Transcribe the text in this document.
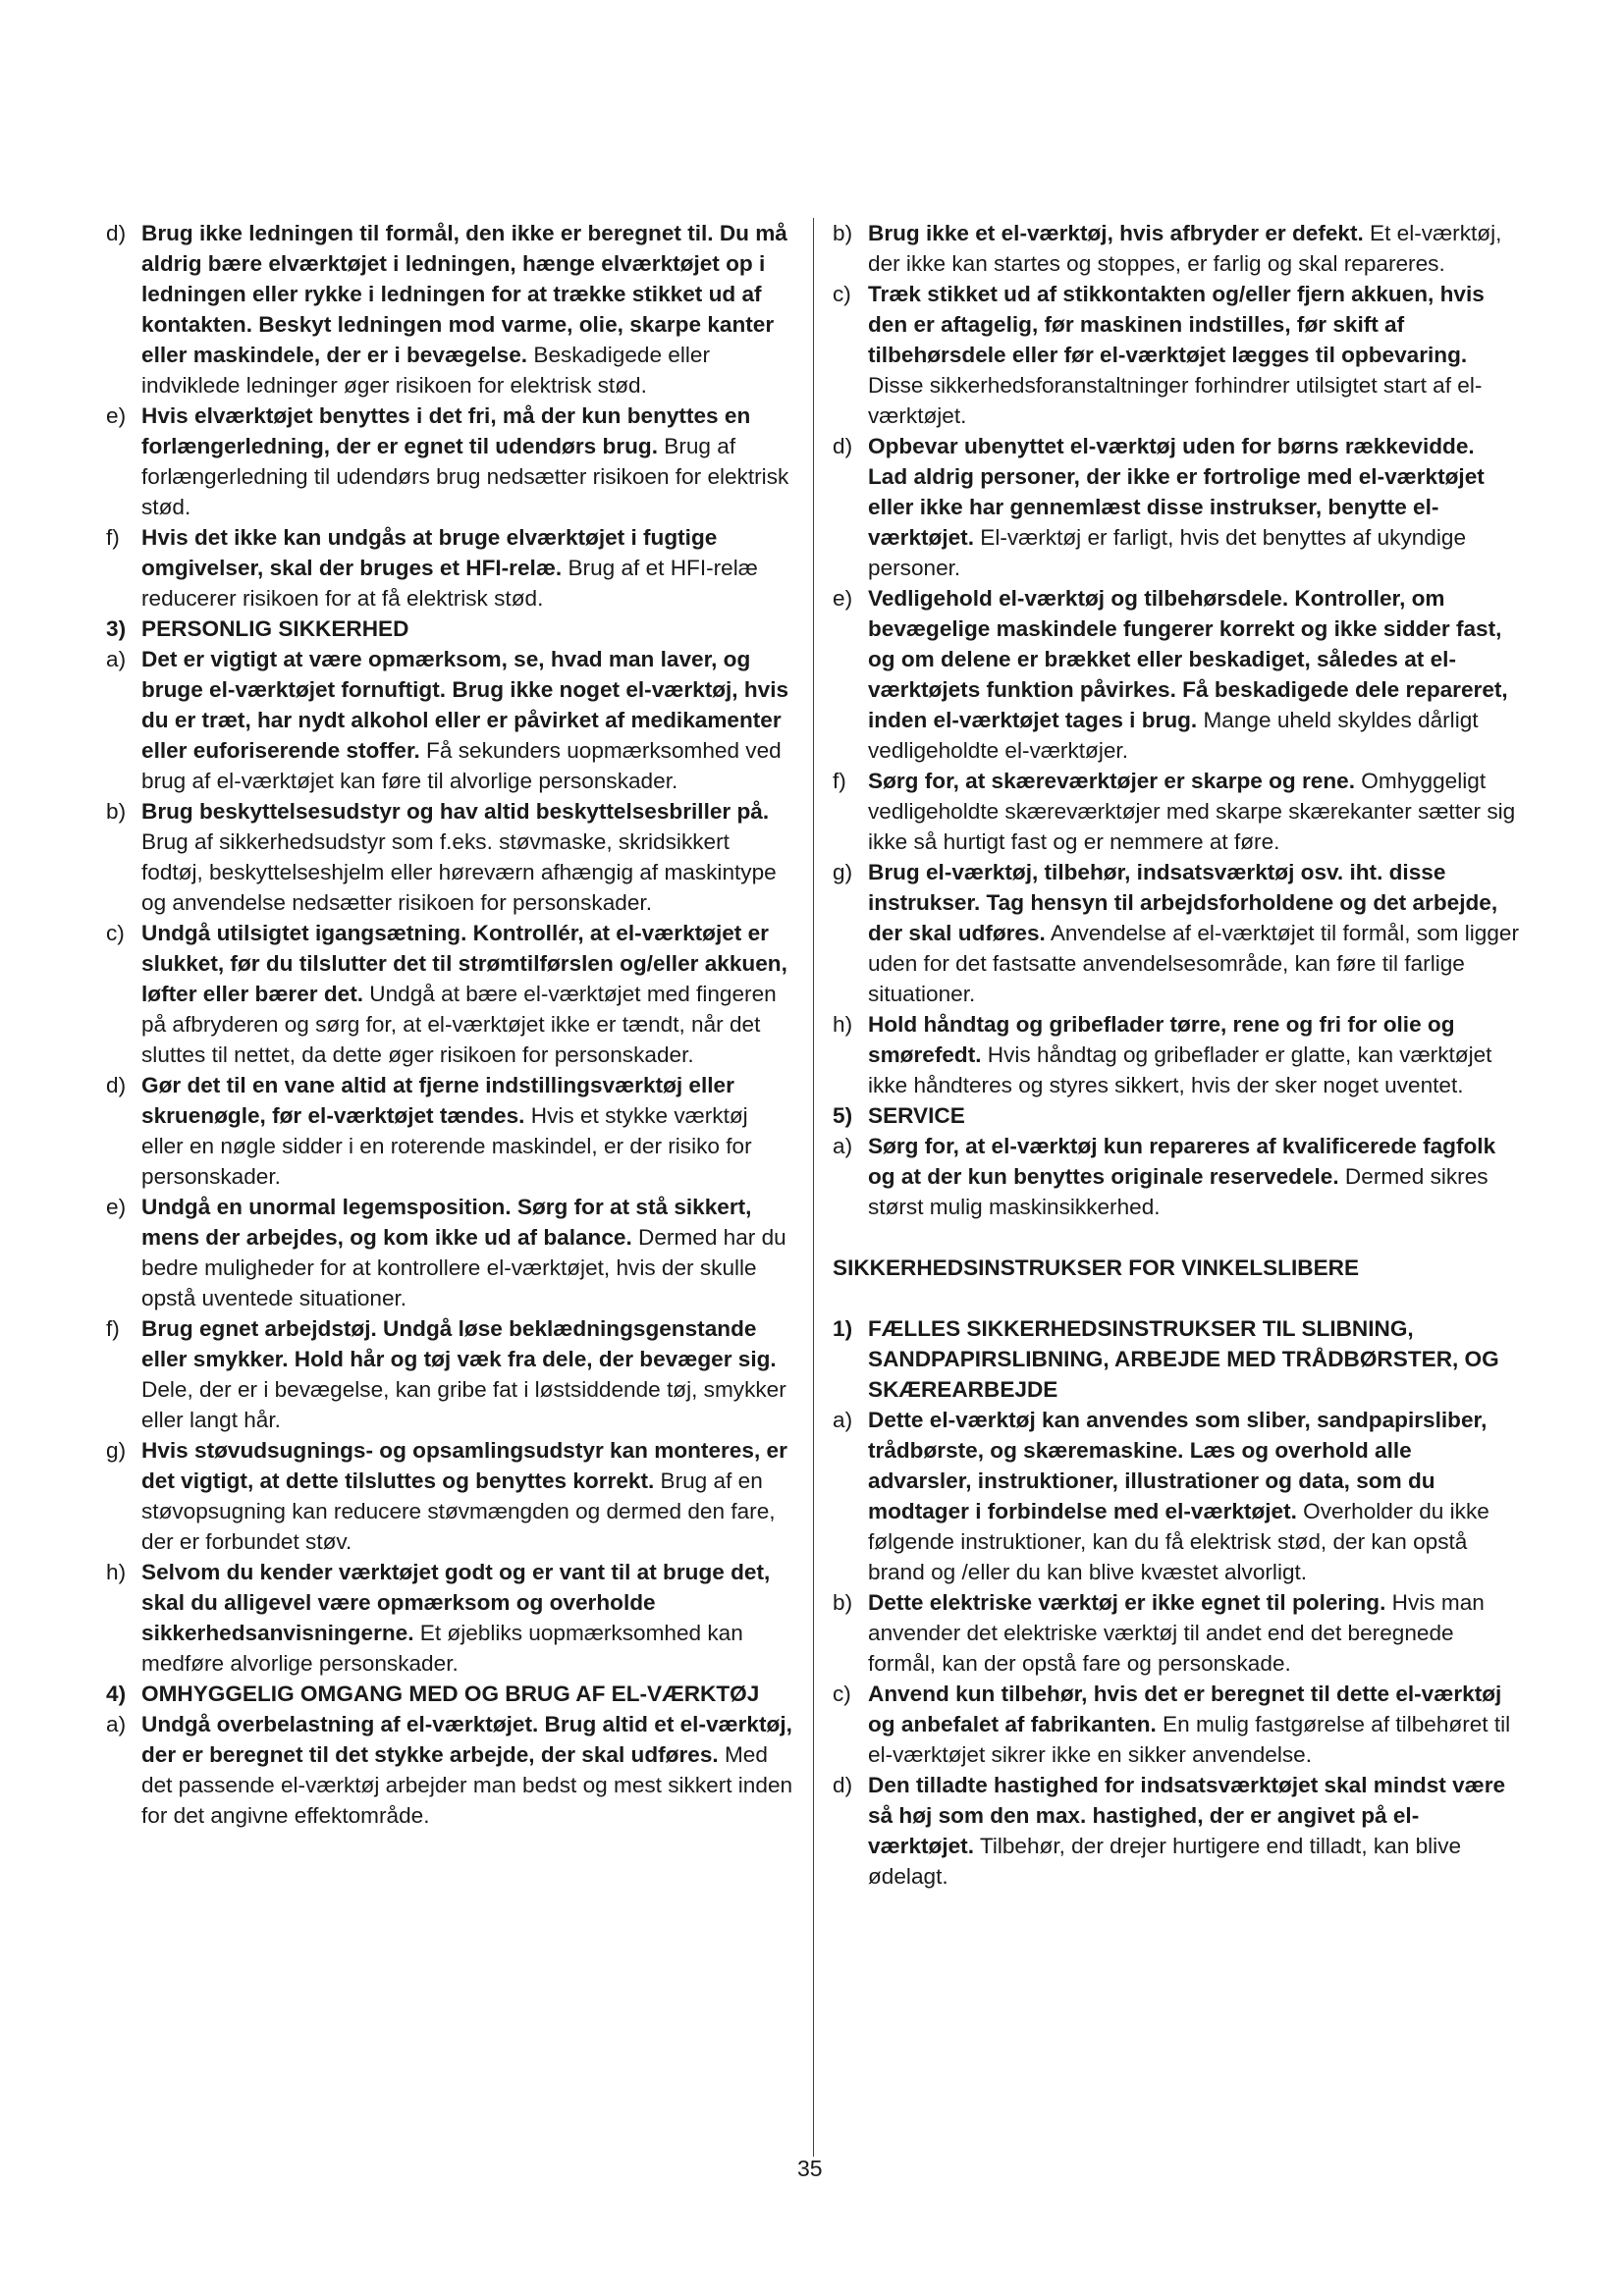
d) Brug ikke ledningen til formål, den ikke er beregnet til. Du må aldrig bære elværktøjet i ledningen, hænge elværktøjet op i ledningen eller rykke i ledningen for at trække stikket ud af kontakten. Beskyt ledningen mod varme, olie, skarpe kanter eller maskindele, der er i bevægelse. Beskadigede eller indviklede ledninger øger risikoen for elektrisk stød.
e) Hvis elværktøjet benyttes i det fri, må der kun benyttes en forlængerledning, der er egnet til udendørs brug. Brug af forlængerledning til udendørs brug nedsætter risikoen for elektrisk stød.
f) Hvis det ikke kan undgås at bruge elværktøjet i fugtige omgivelser, skal der bruges et HFI-relæ. Brug af et HFI-relæ reducerer risikoen for at få elektrisk stød.
3) PERSONLIG SIKKERHED
a) Det er vigtigt at være opmærksom, se, hvad man laver, og bruge el-værktøjet fornuftigt. Brug ikke noget el-værktøj, hvis du er træt, har nydt alkohol eller er påvirket af medikamenter eller euforiserende stoffer. Få sekunders uopmærksomhed ved brug af el-værktøjet kan føre til alvorlige personskader.
b) Brug beskyttelsesudstyr og hav altid beskyttelsesbriller på. Brug af sikkerhedsudstyr som f.eks. støvmaske, skridsikkert fodtøj, beskyttelseshjelm eller høreværn afhængig af maskintype og anvendelse nedsætter risikoen for personskader.
c) Undgå utilsigtet igangsætning. Kontrollér, at el-værktøjet er slukket, før du tilslutter det til strømtilførslen og/eller akkuen, løfter eller bærer det. Undgå at bære el-værktøjet med fingeren på afbryderen og sørg for, at el-værktøjet ikke er tændt, når det sluttes til nettet, da dette øger risikoen for personskader.
d) Gør det til en vane altid at fjerne indstillingsværktøj eller skruenøgle, før el-værktøjet tændes. Hvis et stykke værktøj eller en nøgle sidder i en roterende maskindel, er der risiko for personskader.
e) Undgå en unormal legemsposition. Sørg for at stå sikkert, mens der arbejdes, og kom ikke ud af balance. Dermed har du bedre muligheder for at kontrollere el-værktøjet, hvis der skulle opstå uventede situationer.
f) Brug egnet arbejdstøj. Undgå løse beklædningsgenstande eller smykker. Hold hår og tøj væk fra dele, der bevæger sig. Dele, der er i bevægelse, kan gribe fat i løstsiddende tøj, smykker eller langt hår.
g) Hvis støvudsugnings- og opsamlingsudstyr kan monteres, er det vigtigt, at dette tilsluttes og benyttes korrekt. Brug af en støvopsugning kan reducere støvmængden og dermed den fare, der er forbundet støv.
h) Selvom du kender værktøjet godt og er vant til at bruge det, skal du alligevel være opmærksom og overholde sikkerhedsanvisningerne. Et øjebliks uopmærksomhed kan medføre alvorlige personskader.
4) OMHYGGELIG OMGANG MED OG BRUG AF EL-VÆRKTØJ
a) Undgå overbelastning af el-værktøjet. Brug altid et el-værktøj, der er beregnet til det stykke arbejde, der skal udføres. Med det passende el-værktøj arbejder man bedst og mest sikkert inden for det angivne effektområde.
b) Brug ikke et el-værktøj, hvis afbryder er defekt. Et el-værktøj, der ikke kan startes og stoppes, er farlig og skal repareres.
c) Træk stikket ud af stikkontakten og/eller fjern akkuen, hvis den er aftagelig, før maskinen indstilles, før skift af tilbehørsdele eller før el-værktøjet lægges til opbevaring. Disse sikkerhedsforanstaltninger forhindrer utilsigtet start af el-værktøjet.
d) Opbevar ubenyttet el-værktøj uden for børns rækkevidde. Lad aldrig personer, der ikke er fortrolige med el-værktøjet eller ikke har gennemlæst disse instrukser, benytte el-værktøjet. El-værktøj er farligt, hvis det benyttes af ukyndige personer.
e) Vedligehold el-værktøj og tilbehørsdele. Kontroller, om bevægelige maskindele fungerer korrekt og ikke sidder fast, og om delene er brækket eller beskadiget, således at el-værktøjets funktion påvirkes. Få beskadigede dele repareret, inden el-værktøjet tages i brug. Mange uheld skyldes dårligt vedligeholdte el-værktøjer.
f) Sørg for, at skæreværktøjer er skarpe og rene. Omhyggeligt vedligeholdte skæreværktøjer med skarpe skærekanter sætter sig ikke så hurtigt fast og er nemmere at føre.
g) Brug el-værktøj, tilbehør, indsatsværktøj osv. iht. disse instrukser. Tag hensyn til arbejdsforholdene og det arbejde, der skal udføres. Anvendelse af el-værktøjet til formål, som ligger uden for det fastsatte anvendelsesområde, kan føre til farlige situationer.
h) Hold håndtag og gribeflader tørre, rene og fri for olie og smørefedt. Hvis håndtag og gribeflader er glatte, kan værktøjet ikke håndteres og styres sikkert, hvis der sker noget uventet.
5) SERVICE
a) Sørg for, at el-værktøj kun repareres af kvalificerede fagfolk og at der kun benyttes originale reservedele. Dermed sikres størst mulig maskinsikkerhed.
SIKKERHEDSINSTRUKSER FOR VINKELSLIBERE
1) FÆLLES SIKKERHEDSINSTRUKSER TIL SLIBNING, SANDPAPIRSLIBNING, ARBEJDE MED TRÅDBØRSTER, OG SKÆREARBEJDE
a) Dette el-værktøj kan anvendes som sliber, sandpapirsliber, trådbørste, og skæremaskine. Læs og overhold alle advarsler, instruktioner, illustrationer og data, som du modtager i forbindelse med el-værktøjet. Overholder du ikke følgende instruktioner, kan du få elektrisk stød, der kan opstå brand og /eller du kan blive kvæstet alvorligt.
b) Dette elektriske værktøj er ikke egnet til polering. Hvis man anvender det elektriske værktøj til andet end det beregnede formål, kan der opstå fare og personskade.
c) Anvend kun tilbehør, hvis det er beregnet til dette el-værktøj og anbefalet af fabrikanten. En mulig fastgørelse af tilbehøret til el-værktøjet sikrer ikke en sikker anvendelse.
d) Den tilladte hastighed for indsatsværktøjet skal mindst være så høj som den max. hastighed, der er angivet på el-værktøjet. Tilbehør, der drejer hurtigere end tilladt, kan blive ødelagt.
35
